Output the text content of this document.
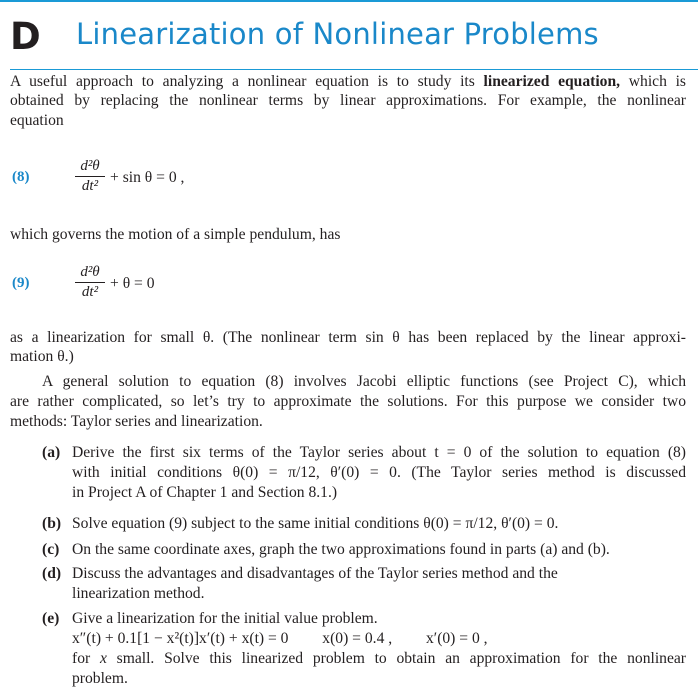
D	Linearization of Nonlinear Problems
A useful approach to analyzing a nonlinear equation is to study its linearized equation, which is
obtained by replacing the nonlinear terms by linear approximations. For example, the nonlinear
equation
(8)
d²θ
dt² + sin θ = 0 ,
which governs the motion of a simple pendulum, has
(9)
d²θ
dt² + θ = 0
as a linearization for small θ. (The nonlinear term sin θ has been replaced by the linear approxi-
mation θ.)
A general solution to equation (8) involves Jacobi elliptic functions (see Project C), which
are rather complicated, so let’s try to approximate the solutions. For this purpose we consider two
methods: Taylor series and linearization.
(a) Derive the first six terms of the Taylor series about t = 0 of the solution to equation (8)
with initial conditions θ(0) = π/12, θ′(0) = 0. (The Taylor series method is discussed
in Project A of Chapter 1 and Section 8.1.)
(b) Solve equation (9) subject to the same initial conditions θ(0) = π/12, θ′(0) = 0.
(c) On the same coordinate axes, graph the two approximations found in parts (a) and (b).
(d) Discuss the advantages and disadvantages of the Taylor series method and the
linearization method.
(e) Give a linearization for the initial value problem.
x″(t) + 0.1[1 − x²(t)]x′(t) + x(t) = 0 x(0) = 0.4 , x′(0) = 0 ,
for x small. Solve this linearized problem to obtain an approximation for the nonlinear
problem.
